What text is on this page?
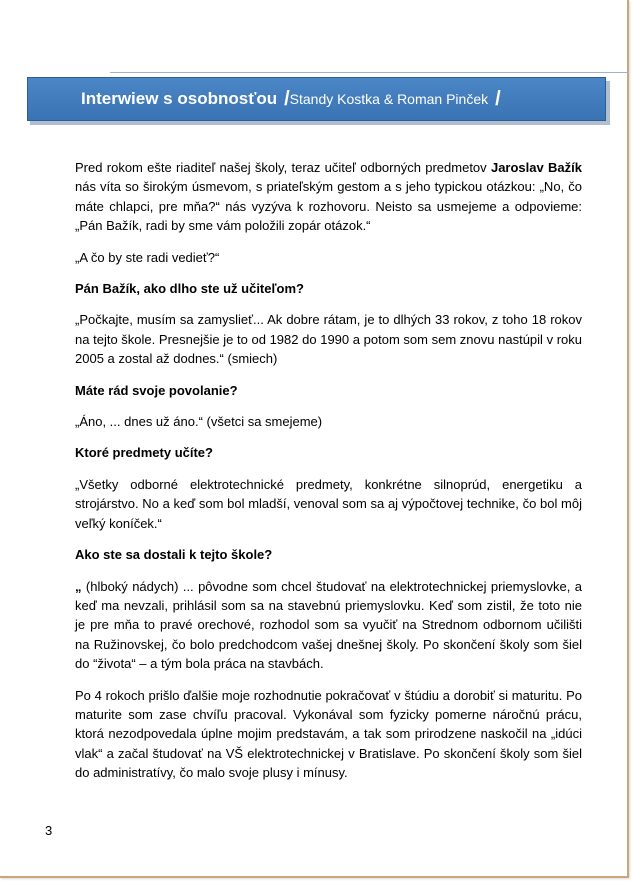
Interwiew s osobnosťou / Standy Kostka & Roman Pinček /

Pred rokom ešte riaditeľ našej školy, teraz učiteľ odborných predmetov Jaroslav Bažík nás víta so širokým úsmevom, s priateľským gestom a s jeho typickou otázkou: „No, čo máte chlapci, pre mňa?“ nás vyzýva k rozhovoru. Neisto sa usmejeme a odpovieme: „Pán Bažík, radi by sme vám položili zopár otázok.“

„A čo by ste radi vedieť?“

Pán Bažík, ako dlho ste už učiteľom?

„Počkajte, musím sa zamyslieť... Ak dobre rátam, je to dlhých 33 rokov, z toho 18 rokov na tejto škole. Presnejšie je to od 1982 do 1990 a potom som sem znovu nastúpil v roku 2005 a zostal až dodnes.“ (smiech)

Máte rád svoje povolanie?

„Áno, ... dnes už áno.“ (všetci sa smejeme)

Ktoré predmety učíte?

„Všetky odborné elektrotechnické predmety, konkrétne silnoprúd, energetiku a strojárstvo. No a keď som bol mladší, venoval som sa aj výpočtovej technike, čo bol môj veľký koníček.“

Ako ste sa dostali k tejto škole?

„ (hlboký nádych) ... pôvodne som chcel študovať na elektrotechnickej priemyslovke, a keď ma nevzali, prihlásil som sa na stavebnú priemyslovku. Keď som zistil, že toto nie je pre mňa to pravé orechové, rozhodol som sa vyučiť na Strednom odbornom učilišti na Ružinovskej, čo bolo predchodcom vašej dnešnej školy. Po skončení školy som šiel do “života“ – a tým bola práca na stavbách.

Po 4 rokoch prišlo ďalšie moje rozhodnutie pokračovať v štúdiu a dorobiť si maturitu. Po maturite som zase chvíľu pracoval. Vykonával som fyzicky pomerne náročnú prácu, ktorá nezodpovedala úplne mojim predstavám, a tak som prirodzene naskočil na „idúci vlak“ a začal študovať na VŠ elektrotechnickej v Bratislave. Po skončení školy som šiel do administratívy, čo malo svoje plusy i mínusy.

3
